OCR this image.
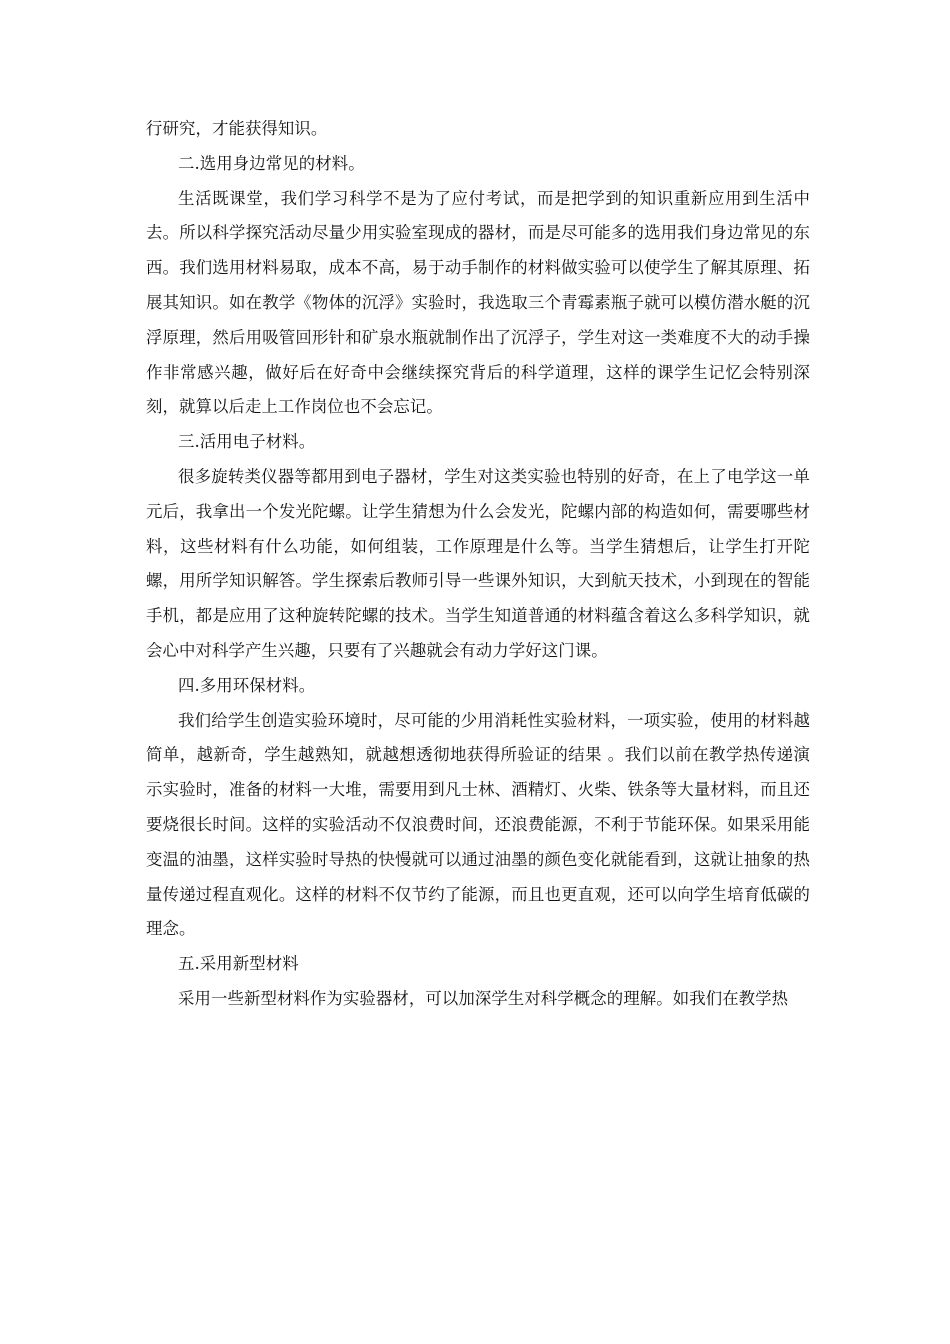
行研究，才能获得知识。

二.选用身边常见的材料。

生活既课堂，我们学习科学不是为了应付考试，而是把学到的知识重新应用到生活中去。所以科学探究活动尽量少用实验室现成的器材，而是尽可能多的选用我们身边常见的东西。我们选用材料易取，成本不高，易于动手制作的材料做实验可以使学生了解其原理、拓展其知识。如在教学《物体的沉浮》实验时，我选取三个青霉素瓶子就可以模仿潜水艇的沉浮原理，然后用吸管回形针和矿泉水瓶就制作出了沉浮子，学生对这一类难度不大的动手操作非常感兴趣，做好后在好奇中会继续探究背后的科学道理，这样的课学生记忆会特别深刻，就算以后走上工作岗位也不会忘记。

三.活用电子材料。

很多旋转类仪器等都用到电子器材，学生对这类实验也特别的好奇，在上了电学这一单元后，我拿出一个发光陀螺。让学生猜想为什么会发光，陀螺内部的构造如何，需要哪些材料，这些材料有什么功能，如何组装，工作原理是什么等。当学生猜想后，让学生打开陀螺，用所学知识解答。学生探索后教师引导一些课外知识，大到航天技术，小到现在的智能手机，都是应用了这种旋转陀螺的技术。当学生知道普通的材料蕴含着这么多科学知识，就会心中对科学产生兴趣，只要有了兴趣就会有动力学好这门课。

四.多用环保材料。

我们给学生创造实验环境时，尽可能的少用消耗性实验材料，一项实验，使用的材料越简单，越新奇，学生越熟知，就越想透彻地获得所验证的结果 。我们以前在教学热传递演示实验时，准备的材料一大堆，需要用到凡士林、酒精灯、火柴、铁条等大量材料，而且还要烧很长时间。这样的实验活动不仅浪费时间，还浪费能源，不利于节能环保。如果采用能变温的油墨，这样实验时导热的快慢就可以通过油墨的颜色变化就能看到，这就让抽象的热量传递过程直观化。这样的材料不仅节约了能源，而且也更直观，还可以向学生培育低碳的理念。

五.采用新型材料

采用一些新型材料作为实验器材，可以加深学生对科学概念的理解。如我们在教学热
